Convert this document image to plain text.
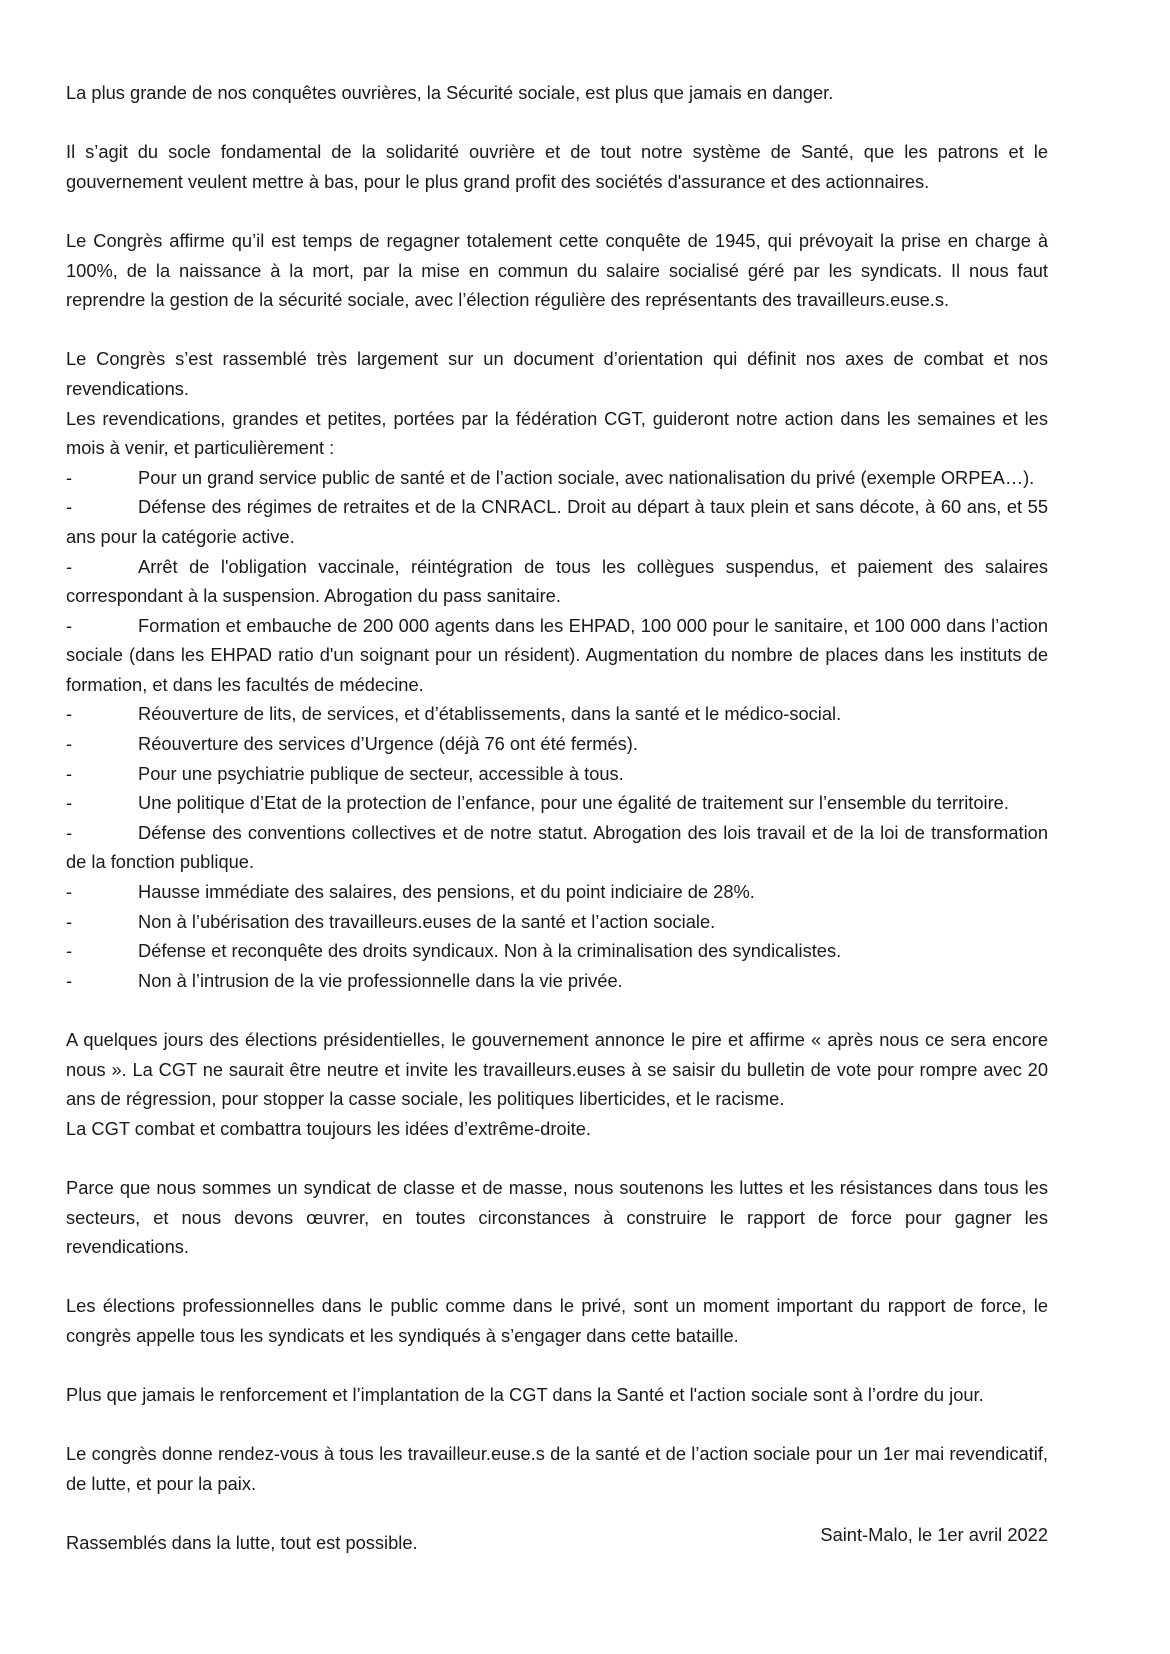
La plus grande de nos conquêtes ouvrières, la Sécurité sociale, est plus que jamais en danger.

Il s’agit du socle fondamental de la solidarité ouvrière et de tout notre système de Santé, que les patrons et le gouvernement veulent mettre à bas, pour le plus grand profit des sociétés d'assurance et des actionnaires.

Le Congrès affirme qu’il est temps de regagner totalement cette conquête de 1945, qui prévoyait la prise en charge à 100%, de la naissance à la mort, par la mise en commun du salaire socialisé géré par les syndicats. Il nous faut reprendre la gestion de la sécurité sociale, avec l’élection régulière des représentants des travailleurs.euse.s.

Le Congrès s’est rassemblé très largement sur un document d’orientation qui définit nos axes de combat et nos revendications.

Les revendications, grandes et petites, portées par la fédération CGT, guideront notre action dans les semaines et les mois à venir, et particulièrement :

-	Pour un grand service public de santé et de l’action sociale, avec nationalisation du privé (exemple ORPEA…).
-	Défense des régimes de retraites et de la CNRACL. Droit au départ à taux plein et sans décote, à 60 ans, et 55 ans pour la catégorie active.
-	Arrêt de l'obligation vaccinale, réintégration de tous les collègues suspendus, et paiement des salaires correspondant à la suspension. Abrogation du pass sanitaire.
-	Formation et embauche de 200 000 agents dans les EHPAD, 100 000 pour le sanitaire, et 100 000 dans l’action sociale (dans les EHPAD ratio d'un soignant pour un résident). Augmentation du nombre de places dans les instituts de formation, et dans les facultés de médecine.
-	Réouverture de lits, de services, et d’établissements, dans la santé et le médico-social.
-	Réouverture des services d’Urgence (déjà 76 ont été fermés).
-	Pour une psychiatrie publique de secteur, accessible à tous.
-	Une politique d’Etat de la protection de l’enfance, pour une égalité de traitement sur l’ensemble du territoire.
-	Défense des conventions collectives et de notre statut. Abrogation des lois travail et de la loi de transformation de la fonction publique.
-	Hausse immédiate des salaires, des pensions, et du point indiciaire de 28%.
-	Non à l’ubérisation des travailleurs.euses de la santé et l’action sociale.
-	Défense et reconquête des droits syndicaux. Non à la criminalisation des syndicalistes.
-	Non à l’intrusion de la vie professionnelle dans la vie privée.

A quelques jours des élections présidentielles, le gouvernement annonce le pire et affirme « après nous ce sera encore nous ». La CGT ne saurait être neutre et invite les travailleurs.euses à se saisir du bulletin de vote pour rompre avec 20 ans de régression, pour stopper la casse sociale, les politiques liberticides, et le racisme.

La CGT combat et combattra toujours les idées d’extrême-droite.

Parce que nous sommes un syndicat de classe et de masse, nous soutenons les luttes et les résistances dans tous les secteurs, et nous devons œuvrer, en toutes circonstances à construire le rapport de force pour gagner les revendications.

Les élections professionnelles dans le public comme dans le privé, sont un moment important du rapport de force, le congrès appelle tous les syndicats et les syndiqués à s’engager dans cette bataille.

Plus que jamais le renforcement et l’implantation de la CGT dans la Santé et l'action sociale sont à l’ordre du jour.

Le congrès donne rendez-vous à tous les travailleur.euse.s de la santé et de l’action sociale pour un 1er mai revendicatif, de lutte, et pour la paix.

Rassemblés dans la lutte, tout est possible.	Saint-Malo, le 1er avril 2022
